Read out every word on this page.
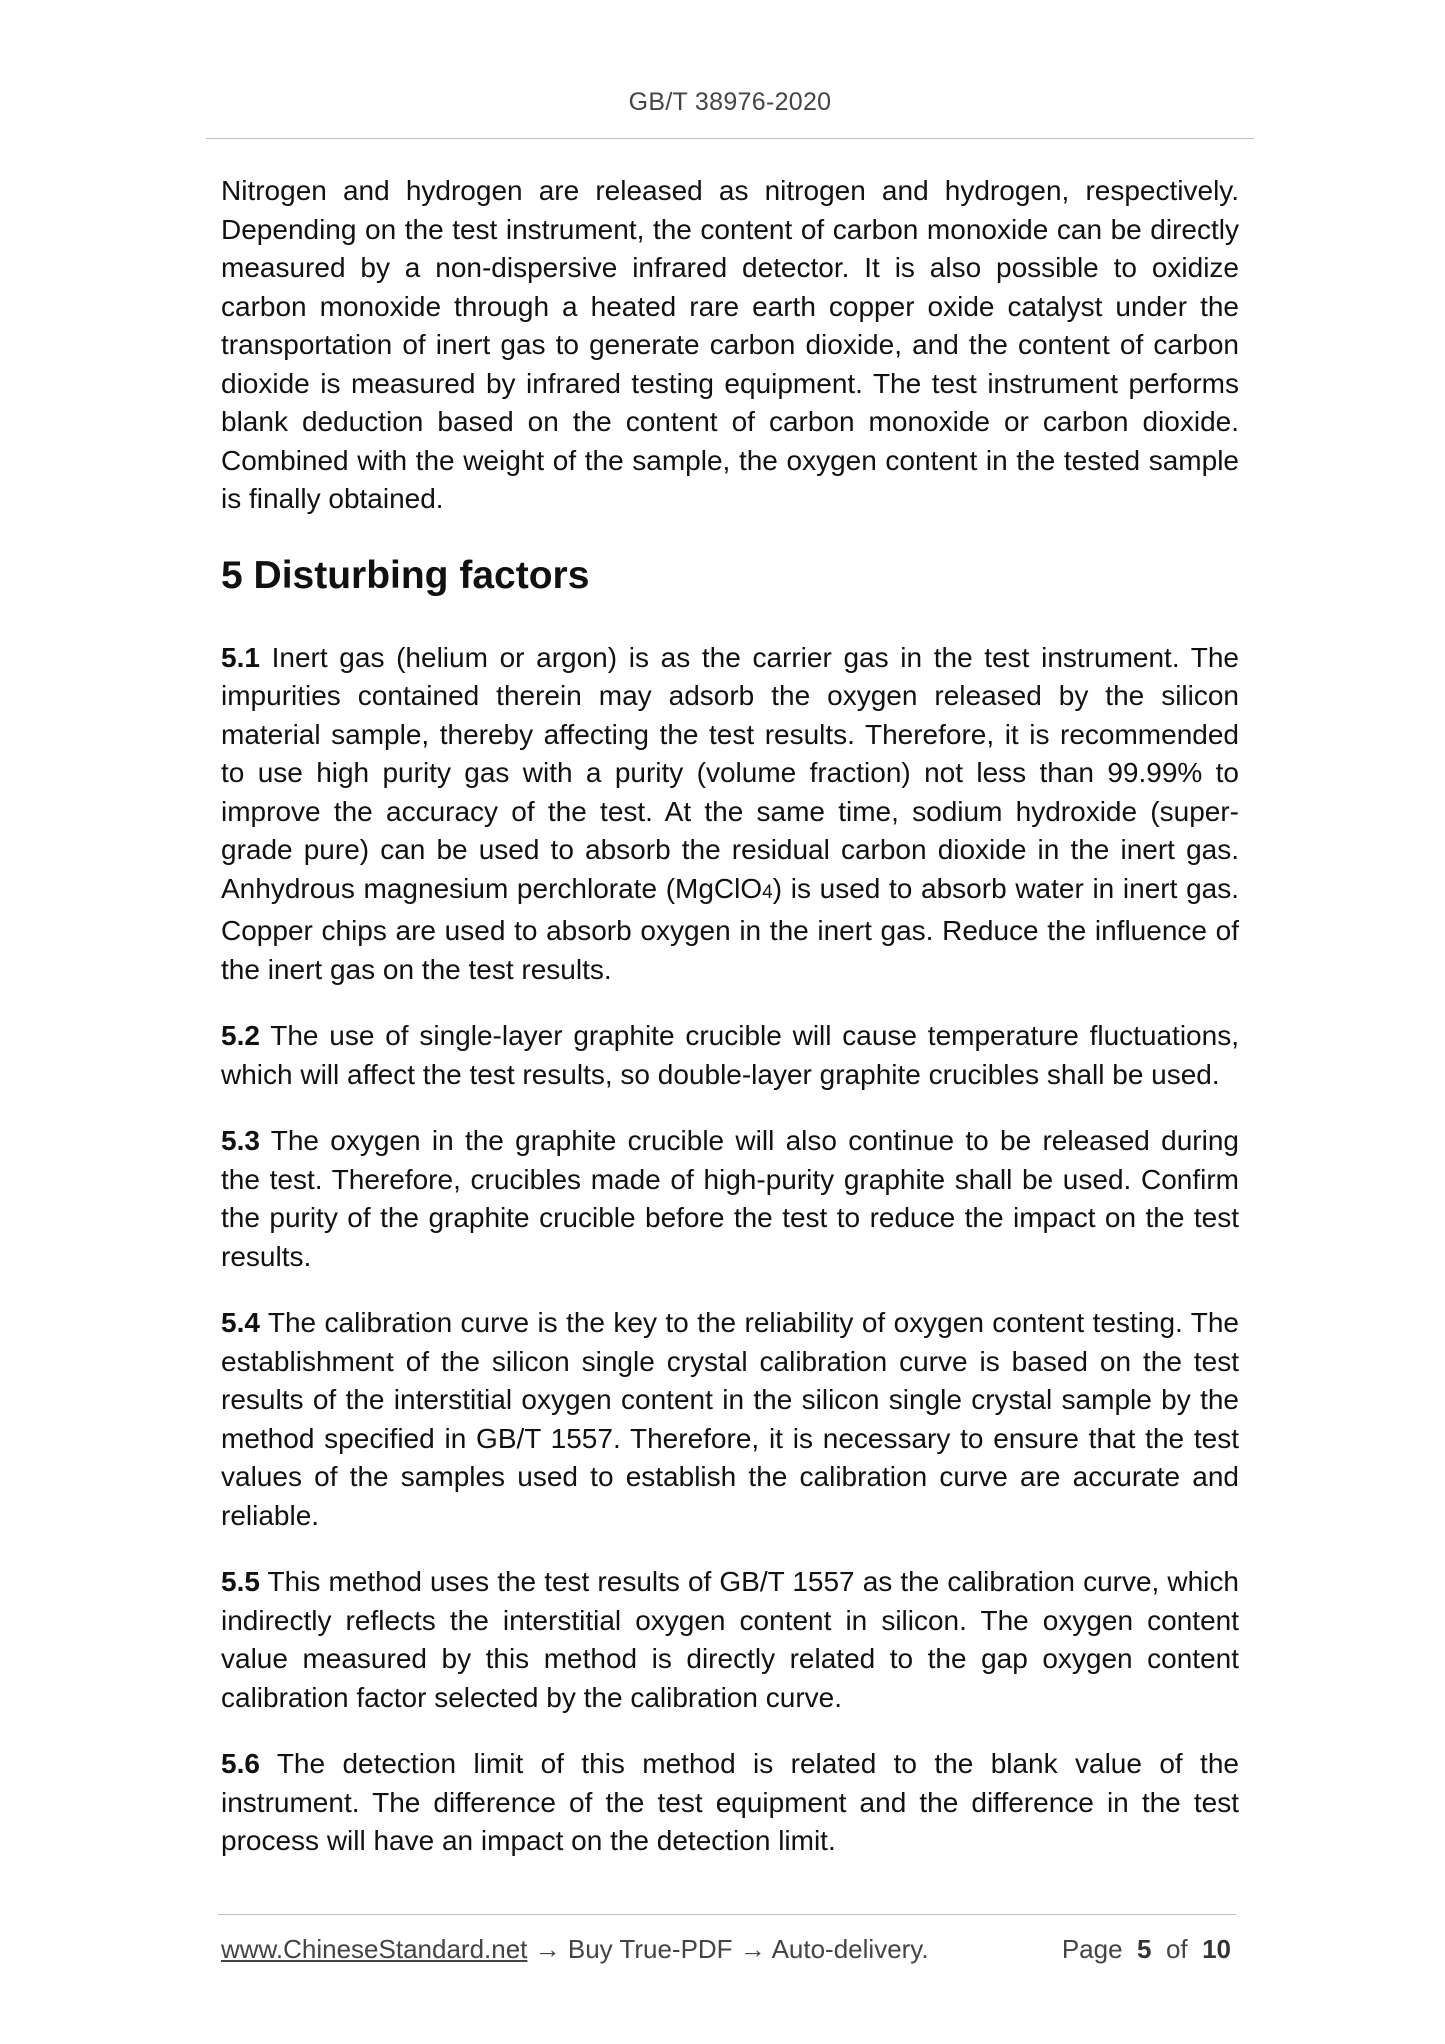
GB/T 38976-2020

Nitrogen and hydrogen are released as nitrogen and hydrogen, respectively. Depending on the test instrument, the content of carbon monoxide can be directly measured by a non-dispersive infrared detector. It is also possible to oxidize carbon monoxide through a heated rare earth copper oxide catalyst under the transportation of inert gas to generate carbon dioxide, and the content of carbon dioxide is measured by infrared testing equipment. The test instrument performs blank deduction based on the content of carbon monoxide or carbon dioxide. Combined with the weight of the sample, the oxygen content in the tested sample is finally obtained.

5 Disturbing factors

5.1 Inert gas (helium or argon) is as the carrier gas in the test instrument. The impurities contained therein may adsorb the oxygen released by the silicon material sample, thereby affecting the test results. Therefore, it is recommended to use high purity gas with a purity (volume fraction) not less than 99.99% to improve the accuracy of the test. At the same time, sodium hydroxide (super-grade pure) can be used to absorb the residual carbon dioxide in the inert gas. Anhydrous magnesium perchlorate (MgClO4) is used to absorb water in inert gas. Copper chips are used to absorb oxygen in the inert gas. Reduce the influence of the inert gas on the test results.

5.2 The use of single-layer graphite crucible will cause temperature fluctuations, which will affect the test results, so double-layer graphite crucibles shall be used.

5.3 The oxygen in the graphite crucible will also continue to be released during the test. Therefore, crucibles made of high-purity graphite shall be used. Confirm the purity of the graphite crucible before the test to reduce the impact on the test results.

5.4 The calibration curve is the key to the reliability of oxygen content testing. The establishment of the silicon single crystal calibration curve is based on the test results of the interstitial oxygen content in the silicon single crystal sample by the method specified in GB/T 1557. Therefore, it is necessary to ensure that the test values of the samples used to establish the calibration curve are accurate and reliable.

5.5 This method uses the test results of GB/T 1557 as the calibration curve, which indirectly reflects the interstitial oxygen content in silicon. The oxygen content value measured by this method is directly related to the gap oxygen content calibration factor selected by the calibration curve.

5.6 The detection limit of this method is related to the blank value of the instrument. The difference of the test equipment and the difference in the test process will have an impact on the detection limit.

www.ChineseStandard.net → Buy True-PDF → Auto-delivery.	Page 5 of 10
